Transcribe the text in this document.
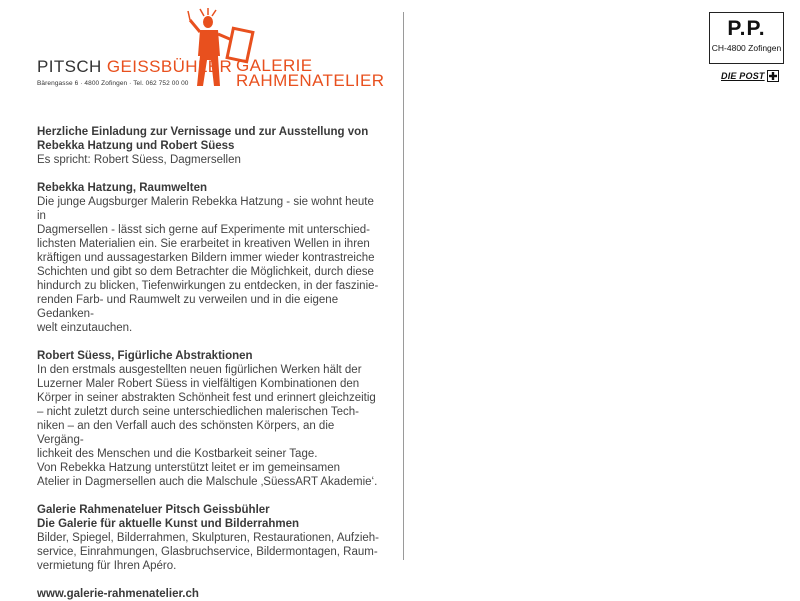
PITSCH GEISSBÜHLER
Bärengasse 6 · 4800 Zofingen · Tel. 062 752 00 00
GALERIE
RAHMENATELIER

Herzliche Einladung zur Vernissage und zur Ausstellung von

Rebekka Hatzung und Robert Süess

Es spricht: Robert Süess, Dagmersellen

Rebekka Hatzung, Raumwelten

Die junge Augsburger Malerin Rebekka Hatzung - sie wohnt heute in

Dagmersellen - lässt sich gerne auf Experimente mit unterschied-

lichsten Materialien ein. Sie erarbeitet in kreativen Wellen in ihren

kräftigen und aussagestarken Bildern immer wieder kontrastreiche

Schichten und gibt so dem Betrachter die Möglichkeit, durch diese

hindurch zu blicken, Tiefenwirkungen zu entdecken, in der faszinie-

renden Farb- und Raumwelt zu verweilen und in die eigene Gedanken-

welt einzutauchen.

Robert Süess, Figürliche Abstraktionen

In den erstmals ausgestellten neuen figürlichen Werken hält der

Luzerner Maler Robert Süess in vielfältigen Kombinationen den

Körper in seiner abstrakten Schönheit fest und erinnert gleichzeitig

– nicht zuletzt durch seine unterschiedlichen malerischen Tech-

niken – an den Verfall auch des schönsten Körpers, an die Vergäng-

lichkeit des Menschen und die Kostbarkeit seiner Tage.

Von Rebekka Hatzung unterstützt leitet er im gemeinsamen

Atelier in Dagmersellen auch die Malschule ‚SüessART Akademie‘.

Galerie Rahmenateluer Pitsch Geissbühler

Die Galerie für aktuelle Kunst und Bilderrahmen

Bilder, Spiegel, Bilderrahmen, Skulpturen, Restaurationen, Aufzieh-

service, Einrahmungen, Glasbruchservice, Bildermontagen, Raum-

vermietung für Ihren Apéro.

www.galerie-rahmenatelier.ch

P.P.
CH-4800 Zofingen
DIE POST
